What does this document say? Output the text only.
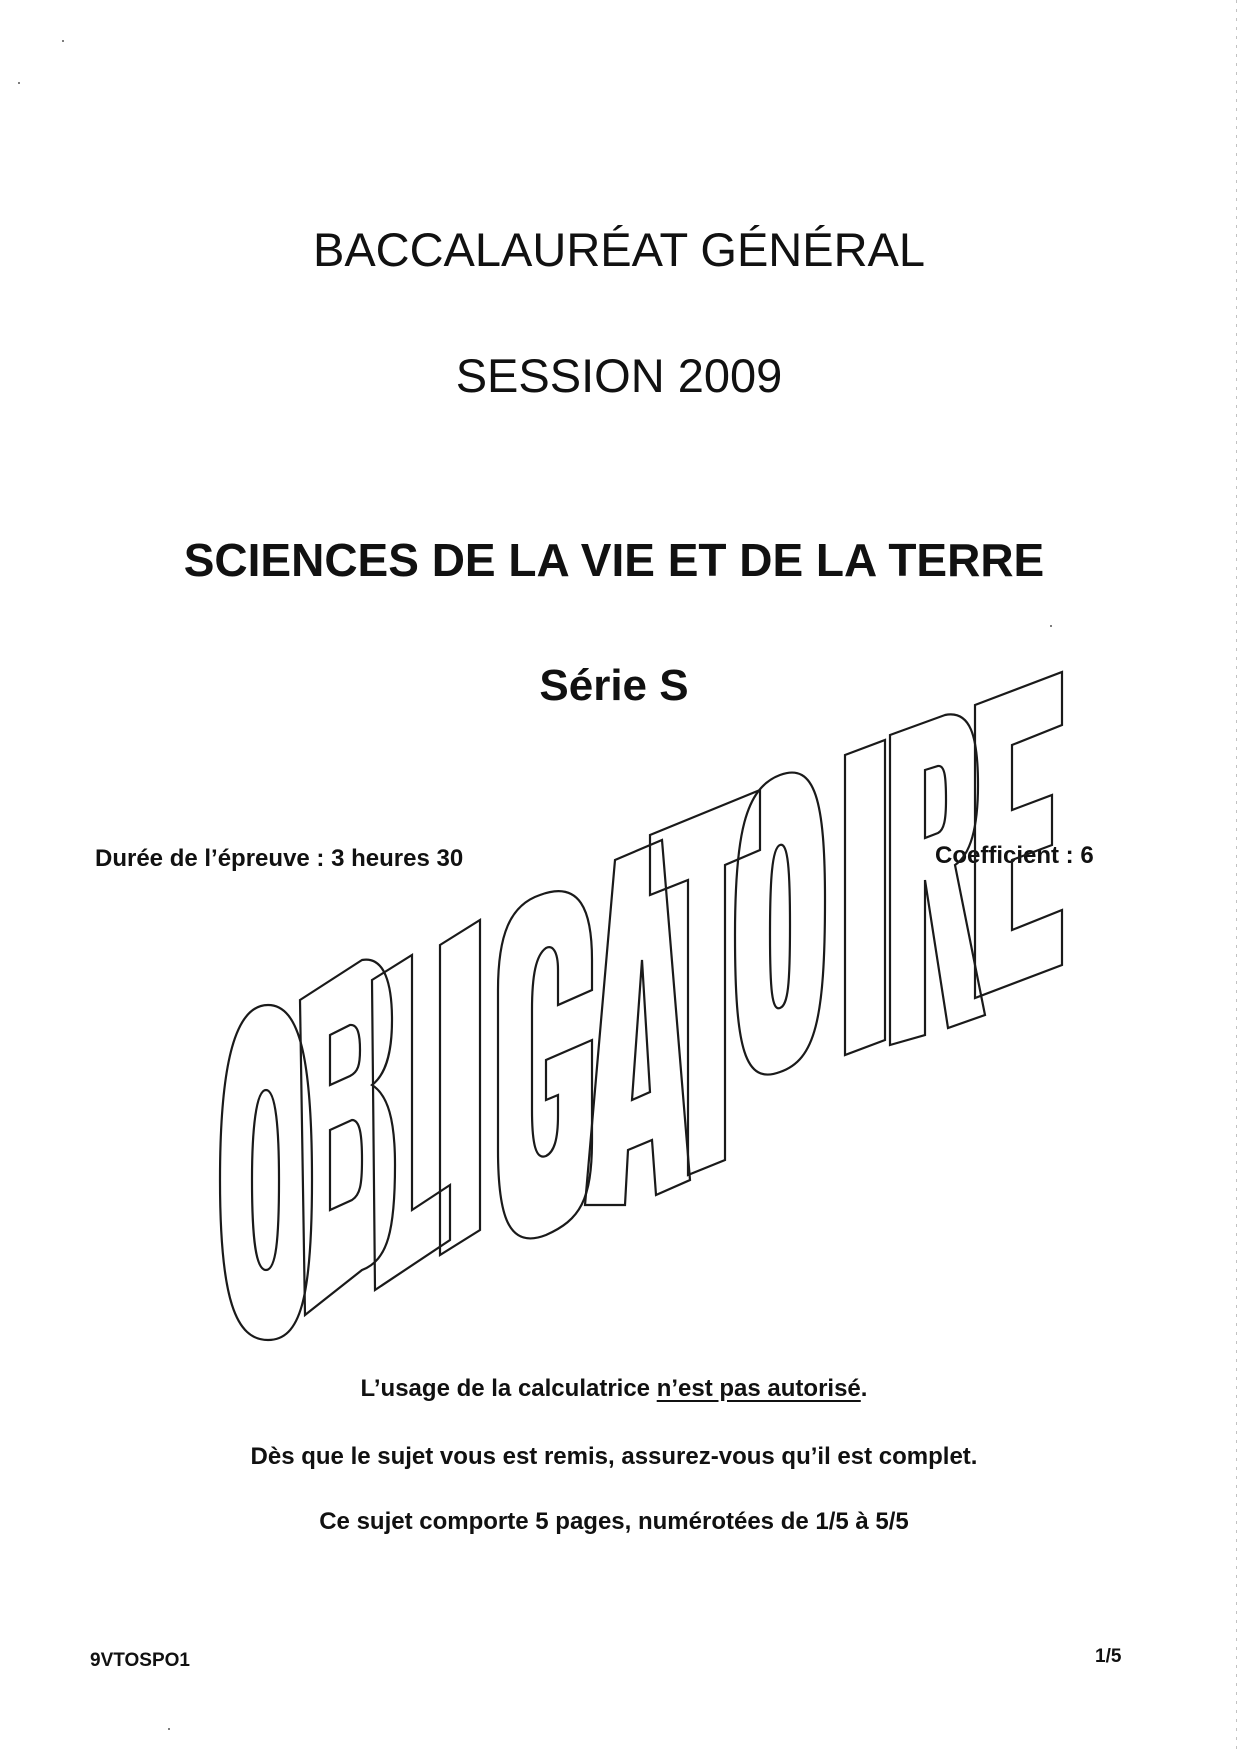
BACCALAURÉAT GÉNÉRAL
SESSION 2009
SCIENCES DE LA VIE ET DE LA TERRE
Série S
Durée de l’épreuve : 3 heures 30	Coefficient : 6
L’usage de la calculatrice n’est pas autorisé.
Dès que le sujet vous est remis, assurez-vous qu’il est complet.
Ce sujet comporte 5 pages, numérotées de 1/5 à 5/5
9VTOSPO1	1/5
